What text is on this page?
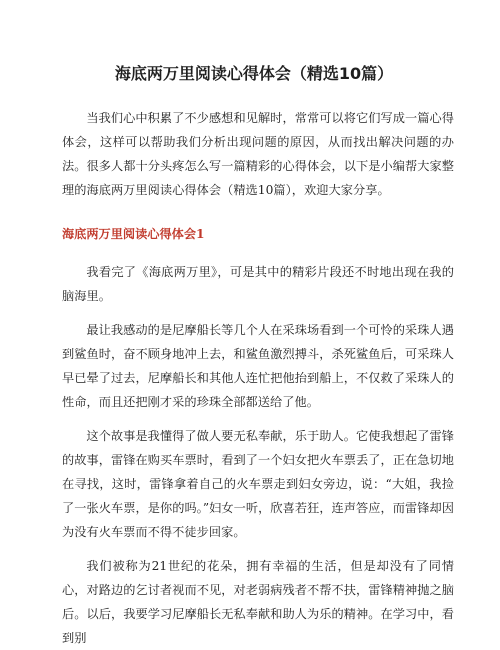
海底两万里阅读心得体会（精选10篇）

当我们心中积累了不少感想和见解时，常常可以将它们写成一篇心得体会，这样可以帮助我们分析出现问题的原因，从而找出解决问题的办法。很多人都十分头疼怎么写一篇精彩的心得体会，以下是小编帮大家整理的海底两万里阅读心得体会（精选10篇），欢迎大家分享。

海底两万里阅读心得体会1

我看完了《海底两万里》，可是其中的精彩片段还不时地出现在我的脑海里。

最让我感动的是尼摩船长等几个人在采珠场看到一个可怜的采珠人遇到鲨鱼时，奋不顾身地冲上去，和鲨鱼激烈搏斗，杀死鲨鱼后，可采珠人早已晕了过去，尼摩船长和其他人连忙把他抬到船上，不仅救了采珠人的性命，而且还把刚才采的珍珠全部都送给了他。

这个故事是我懂得了做人要无私奉献，乐于助人。它使我想起了雷锋的故事，雷锋在购买车票时，看到了一个妇女把火车票丢了，正在急切地在寻找，这时，雷锋拿着自己的火车票走到妇女旁边，说：“大姐，我捡了一张火车票，是你的吗。”妇女一听，欣喜若狂，连声答应，而雷锋却因为没有火车票而不得不徒步回家。

我们被称为21世纪的花朵，拥有幸福的生活，但是却没有了同情心，对路边的乞讨者视而不见，对老弱病残者不帮不扶，雷锋精神抛之脑后。以后，我要学习尼摩船长无私奉献和助人为乐的精神。在学习中，看到别
